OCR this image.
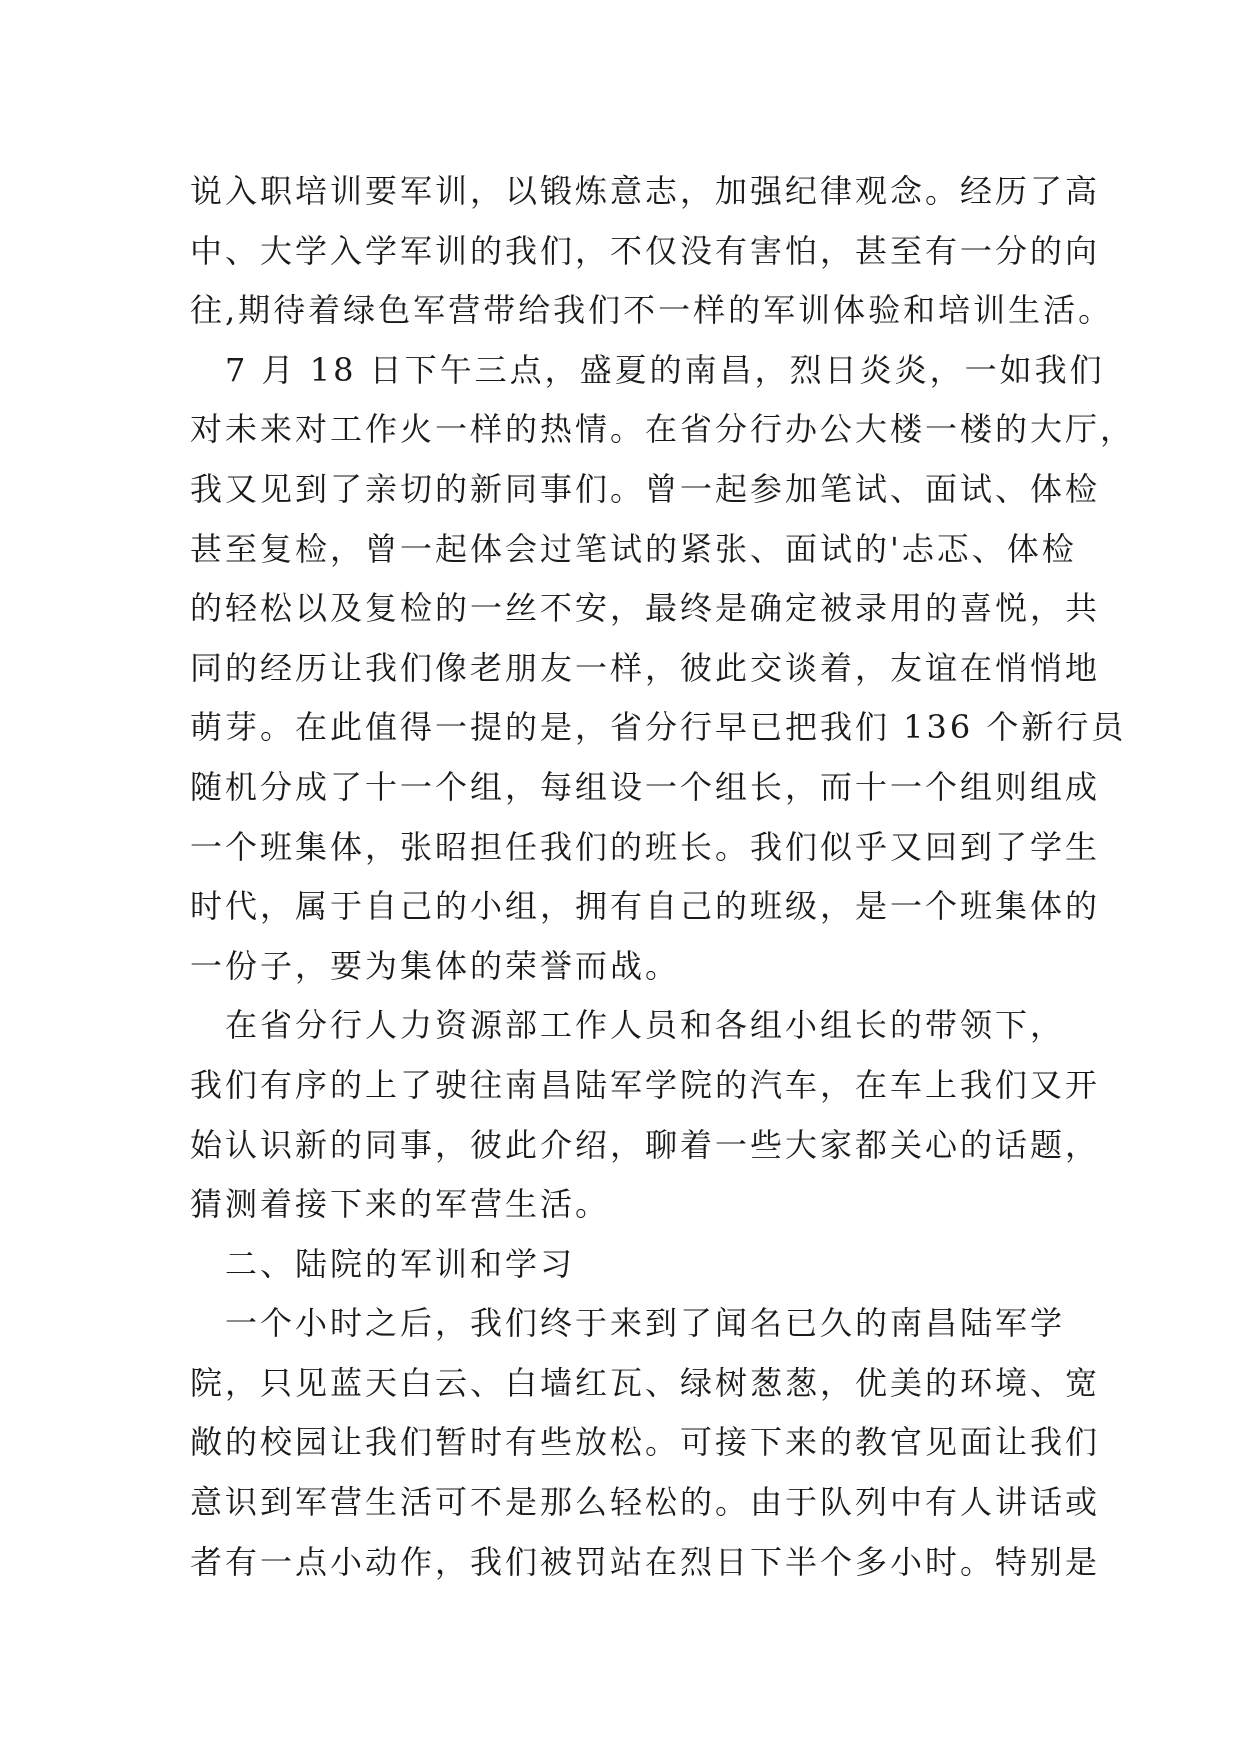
说入职培训要军训，以锻炼意志，加强纪律观念。经历了高
中、大学入学军训的我们，不仅没有害怕，甚至有一分的向
往,期待着绿色军营带给我们不一样的军训体验和培训生活。
　7 月 18 日下午三点，盛夏的南昌，烈日炎炎，一如我们
对未来对工作火一样的热情。在省分行办公大楼一楼的大厅，
我又见到了亲切的新同事们。曾一起参加笔试、面试、体检
甚至复检，曾一起体会过笔试的紧张、面试的'忐忑、体检
的轻松以及复检的一丝不安，最终是确定被录用的喜悦，共
同的经历让我们像老朋友一样，彼此交谈着，友谊在悄悄地
萌芽。在此值得一提的是，省分行早已把我们 136 个新行员
随机分成了十一个组，每组设一个组长，而十一个组则组成
一个班集体，张昭担任我们的班长。我们似乎又回到了学生
时代，属于自己的小组，拥有自己的班级，是一个班集体的
一份子，要为集体的荣誉而战。
　在省分行人力资源部工作人员和各组小组长的带领下，
我们有序的上了驶往南昌陆军学院的汽车，在车上我们又开
始认识新的同事，彼此介绍，聊着一些大家都关心的话题，
猜测着接下来的军营生活。
　二、陆院的军训和学习
　一个小时之后，我们终于来到了闻名已久的南昌陆军学
院，只见蓝天白云、白墙红瓦、绿树葱葱，优美的环境、宽
敞的校园让我们暂时有些放松。可接下来的教官见面让我们
意识到军营生活可不是那么轻松的。由于队列中有人讲话或
者有一点小动作，我们被罚站在烈日下半个多小时。特别是
